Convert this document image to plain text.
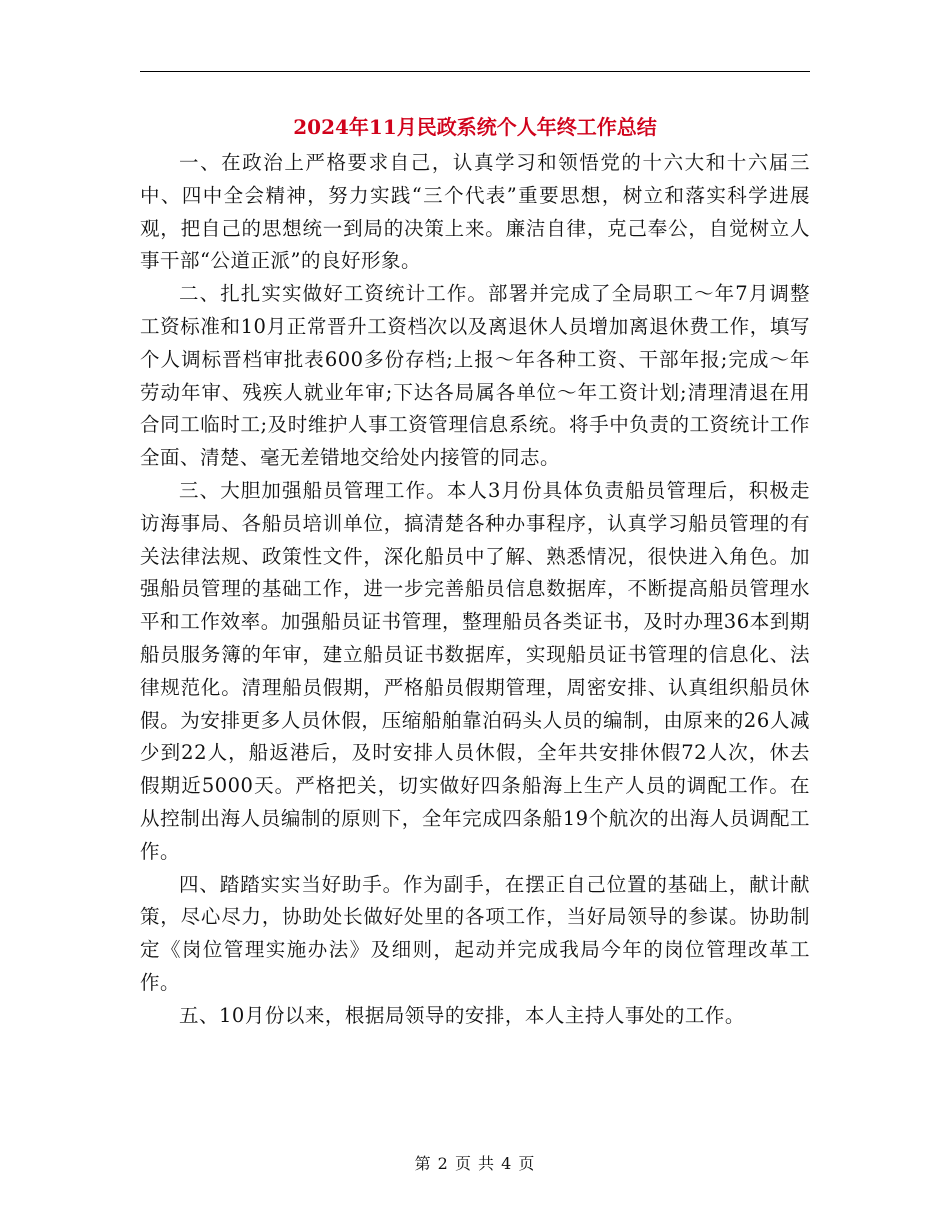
2024年11月民政系统个人年终工作总结

一、在政治上严格要求自己，认真学习和领悟党的十六大和十六届三中、四中全会精神，努力实践“三个代表”重要思想，树立和落实科学进展观，把自己的思想统一到局的决策上来。廉洁自律，克己奉公，自觉树立人事干部“公道正派”的良好形象。

二、扎扎实实做好工资统计工作。部署并完成了全局职工～年7月调整工资标准和10月正常晋升工资档次以及离退休人员增加离退休费工作，填写个人调标晋档审批表600多份存档;上报～年各种工资、干部年报;完成～年劳动年审、残疾人就业年审;下达各局属各单位～年工资计划;清理清退在用合同工临时工;及时维护人事工资管理信息系统。将手中负责的工资统计工作全面、清楚、毫无差错地交给处内接管的同志。

三、大胆加强船员管理工作。本人3月份具体负责船员管理后，积极走访海事局、各船员培训单位，搞清楚各种办事程序，认真学习船员管理的有关法律法规、政策性文件，深化船员中了解、熟悉情况，很快进入角色。加强船员管理的基础工作，进一步完善船员信息数据库，不断提高船员管理水平和工作效率。加强船员证书管理，整理船员各类证书，及时办理36本到期船员服务簿的年审，建立船员证书数据库，实现船员证书管理的信息化、法律规范化。清理船员假期，严格船员假期管理，周密安排、认真组织船员休假。为安排更多人员休假，压缩船舶靠泊码头人员的编制，由原来的26人减少到22人，船返港后，及时安排人员休假，全年共安排休假72人次，休去假期近5000天。严格把关，切实做好四条船海上生产人员的调配工作。在从控制出海人员编制的原则下，全年完成四条船19个航次的出海人员调配工作。

四、踏踏实实当好助手。作为副手，在摆正自己位置的基础上，献计献策，尽心尽力，协助处长做好处里的各项工作，当好局领导的参谋。协助制定《岗位管理实施办法》及细则，起动并完成我局今年的岗位管理改革工作。

五、10月份以来，根据局领导的安排，本人主持人事处的工作。

第 2 页 共 4 页
